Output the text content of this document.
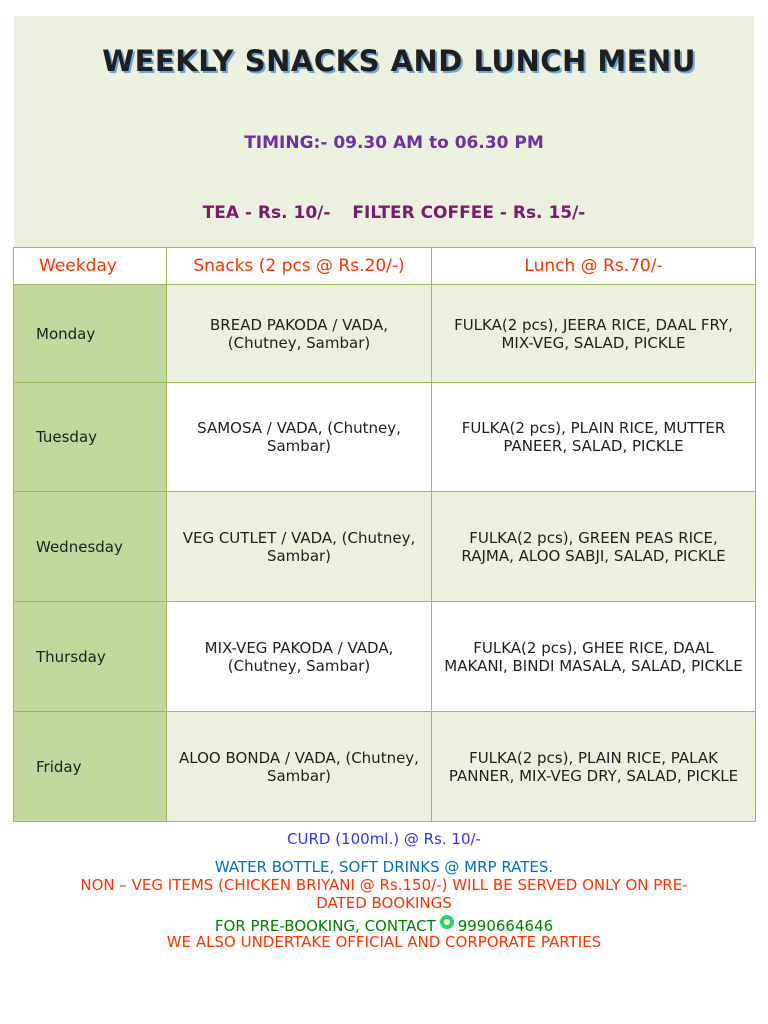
WEEKLY SNACKS AND LUNCH MENU
TIMING:- 09.30 AM to 06.30 PM
TEA - Rs. 10/- FILTER COFFEE - Rs. 15/-
Weekday	Snacks (2 pcs @ Rs.20/-)	Lunch @ Rs.70/-
Monday	BREAD PAKODA / VADA, (Chutney, Sambar)	FULKA(2 pcs), JEERA RICE, DAAL FRY, MIX-VEG, SALAD, PICKLE
Tuesday	SAMOSA / VADA, (Chutney, Sambar)	FULKA(2 pcs), PLAIN RICE, MUTTER PANEER, SALAD, PICKLE
Wednesday	VEG CUTLET / VADA, (Chutney, Sambar)	FULKA(2 pcs), GREEN PEAS RICE, RAJMA, ALOO SABJI, SALAD, PICKLE
Thursday	MIX-VEG PAKODA / VADA, (Chutney, Sambar)	FULKA(2 pcs), GHEE RICE, DAAL MAKANI, BINDI MASALA, SALAD, PICKLE
Friday	ALOO BONDA / VADA, (Chutney, Sambar)	FULKA(2 pcs), PLAIN RICE, PALAK PANNER, MIX-VEG DRY, SALAD, PICKLE
CURD (100ml.) @ Rs. 10/-
WATER BOTTLE, SOFT DRINKS @ MRP RATES.
NON – VEG ITEMS (CHICKEN BRIYANI @ Rs.150/-) WILL BE SERVED ONLY ON PRE-DATED BOOKINGS
FOR PRE-BOOKING, CONTACT 9990664646
WE ALSO UNDERTAKE OFFICIAL AND CORPORATE PARTIES
